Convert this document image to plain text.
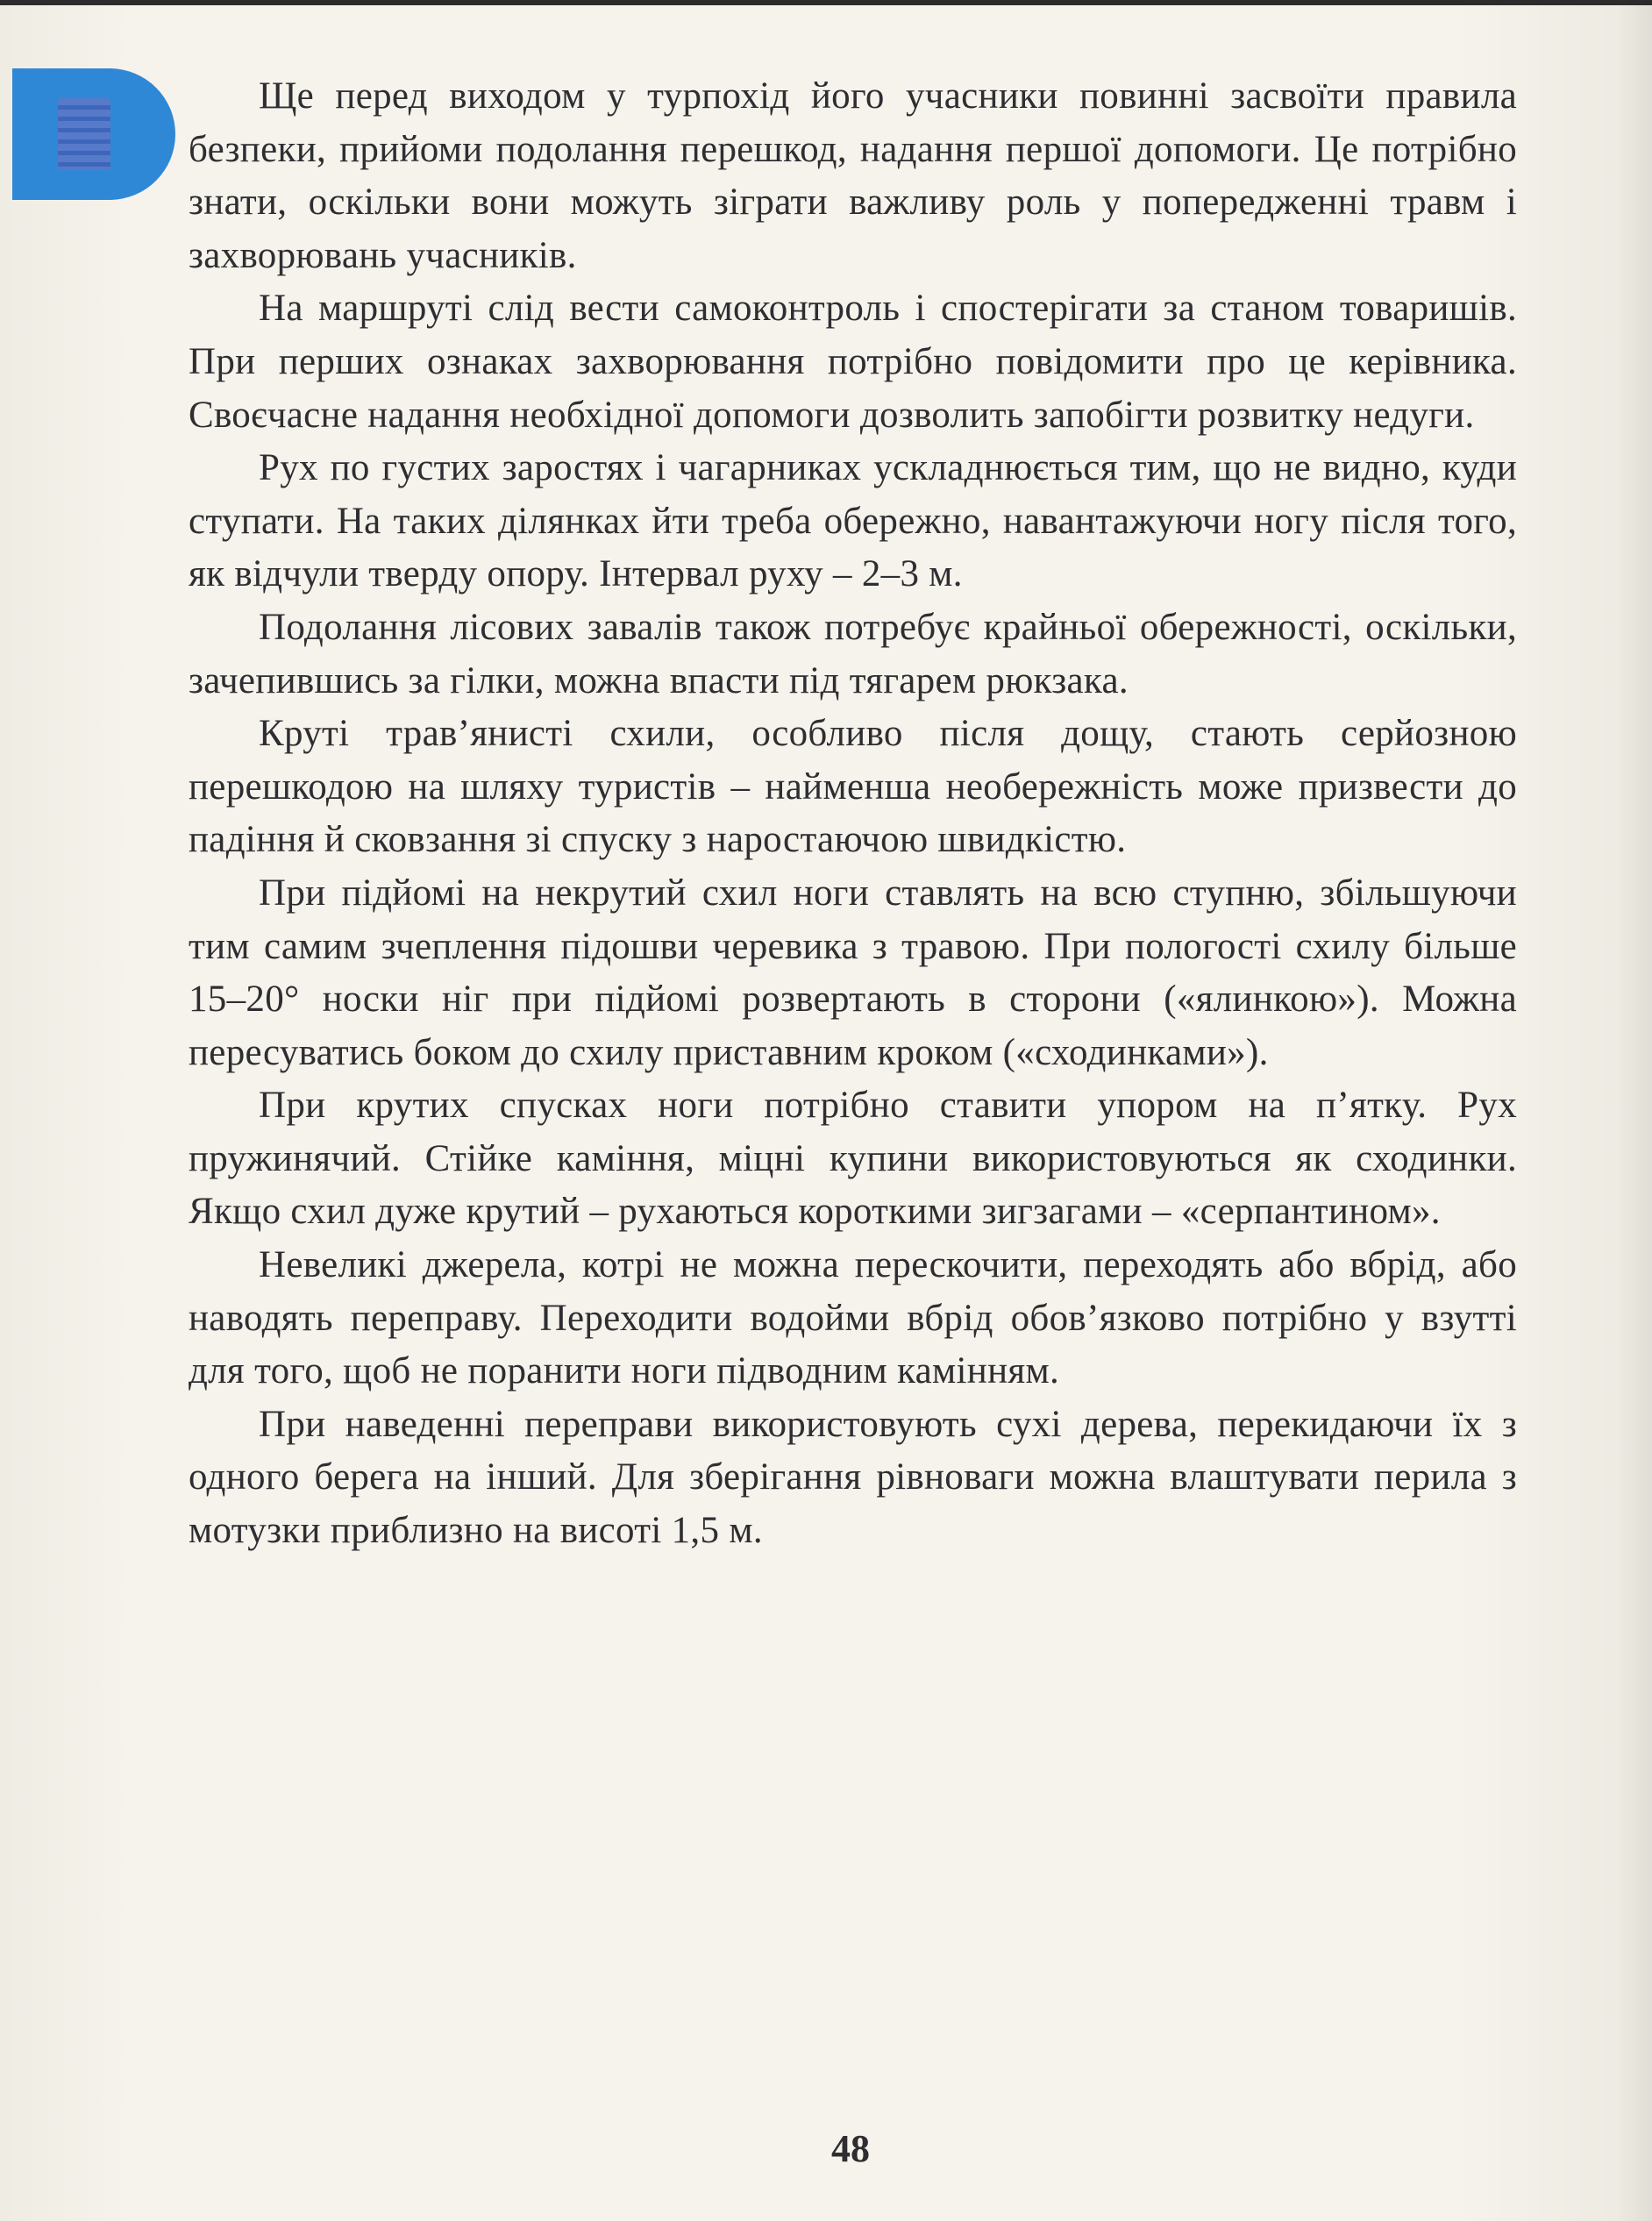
Ще перед виходом у турпохід його учасники повинні засвоїти правила безпеки, прийоми подолання перешкод, надання першої допомоги. Це потрібно знати, оскільки вони можуть зіграти важливу роль у попередженні травм і захворювань учасників.

На маршруті слід вести самоконтроль і спостерігати за станом товаришів. При перших ознаках захворювання потрібно повідомити про це керівника. Своєчасне надання необхідної допомоги дозволить запобігти розвитку недуги.

Рух по густих заростях і чагарниках ускладнюється тим, що не видно, куди ступати. На таких ділянках йти треба обережно, навантажуючи ногу після того, як відчули тверду опору. Інтервал руху – 2–3 м.

Подолання лісових завалів також потребує крайньої обережності, оскільки, зачепившись за гілки, можна впасти під тягарем рюкзака.

Круті трав’янисті схили, особливо після дощу, стають серйозною перешкодою на шляху туристів – найменша необережність може призвести до падіння й сковзання зі спуску з наростаючою швидкістю.

При підйомі на некрутий схил ноги ставлять на всю ступню, збільшуючи тим самим зчеплення підошви черевика з травою. При пологості схилу більше 15–20° носки ніг при підйомі розвертають в сторони («ялинкою»). Можна пересуватись боком до схилу приставним кроком («сходинками»).

При крутих спусках ноги потрібно ставити упором на п’ятку. Рух пружинячий. Стійке каміння, міцні купини використовуються як сходинки. Якщо схил дуже крутий – рухаються короткими зигзагами – «серпантином».

Невеликі джерела, котрі не можна перескочити, переходять або вбрід, або наводять переправу. Переходити водойми вбрід обов’язково потрібно у взутті для того, щоб не поранити ноги підводним камінням.

При наведенні переправи використовують сухі дерева, перекидаючи їх з одного берега на інший. Для зберігання рівноваги можна влаштувати перила з мотузки приблизно на висоті 1,5 м.

48
